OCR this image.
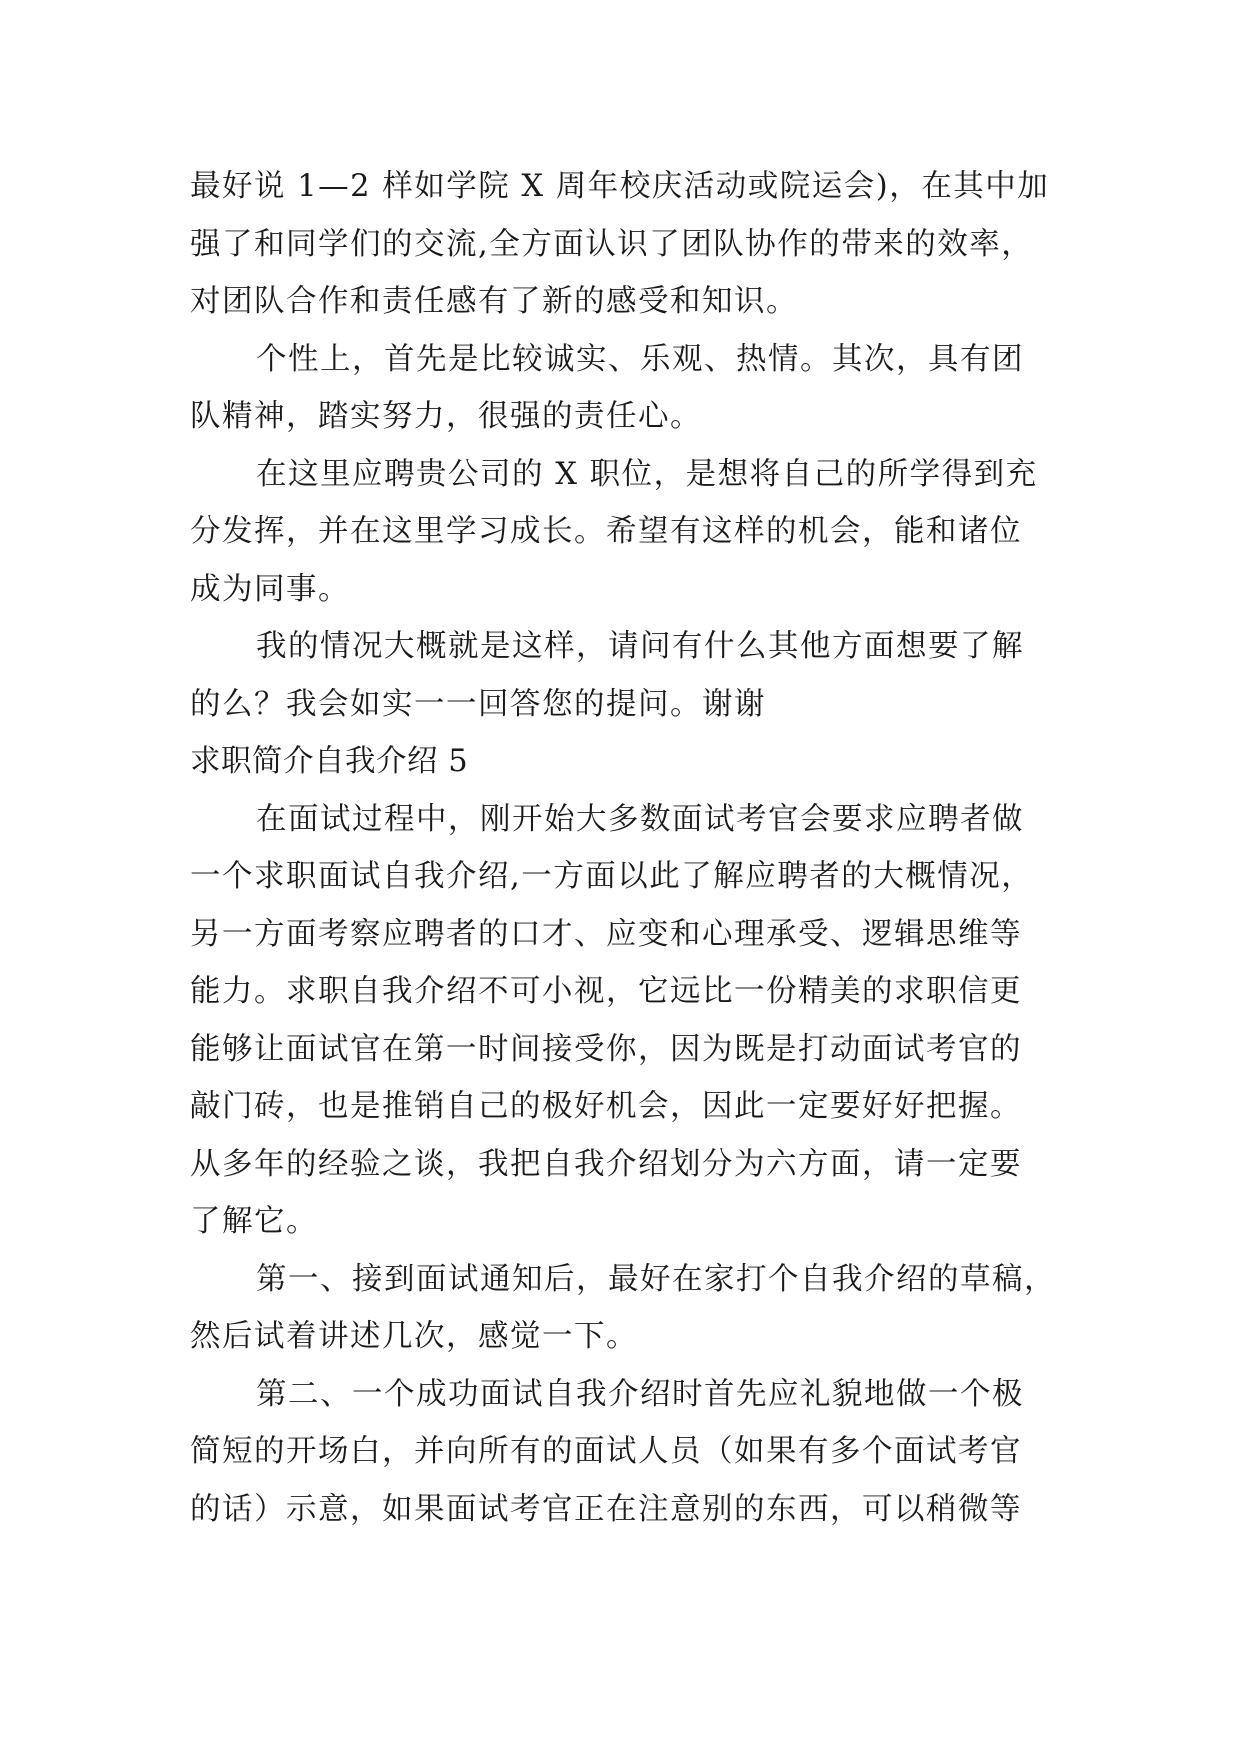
最好说 1—2 样如学院 X 周年校庆活动或院运会)，在其中加
强了和同学们的交流,全方面认识了团队协作的带来的效率，
对团队合作和责任感有了新的感受和知识。
个性上，首先是比较诚实、乐观、热情。其次，具有团
队精神，踏实努力，很强的责任心。
在这里应聘贵公司的 X 职位，是想将自己的所学得到充
分发挥，并在这里学习成长。希望有这样的机会，能和诸位
成为同事。
我的情况大概就是这样，请问有什么其他方面想要了解
的么？我会如实一一回答您的提问。谢谢
求职简介自我介绍 5
在面试过程中，刚开始大多数面试考官会要求应聘者做
一个求职面试自我介绍,一方面以此了解应聘者的大概情况，
另一方面考察应聘者的口才、应变和心理承受、逻辑思维等
能力。求职自我介绍不可小视，它远比一份精美的求职信更
能够让面试官在第一时间接受你，因为既是打动面试考官的
敲门砖，也是推销自己的极好机会，因此一定要好好把握。
从多年的经验之谈，我把自我介绍划分为六方面，请一定要
了解它。
第一、接到面试通知后，最好在家打个自我介绍的草稿，
然后试着讲述几次，感觉一下。
第二、一个成功面试自我介绍时首先应礼貌地做一个极
简短的开场白，并向所有的面试人员（如果有多个面试考官
的话）示意，如果面试考官正在注意别的东西，可以稍微等
